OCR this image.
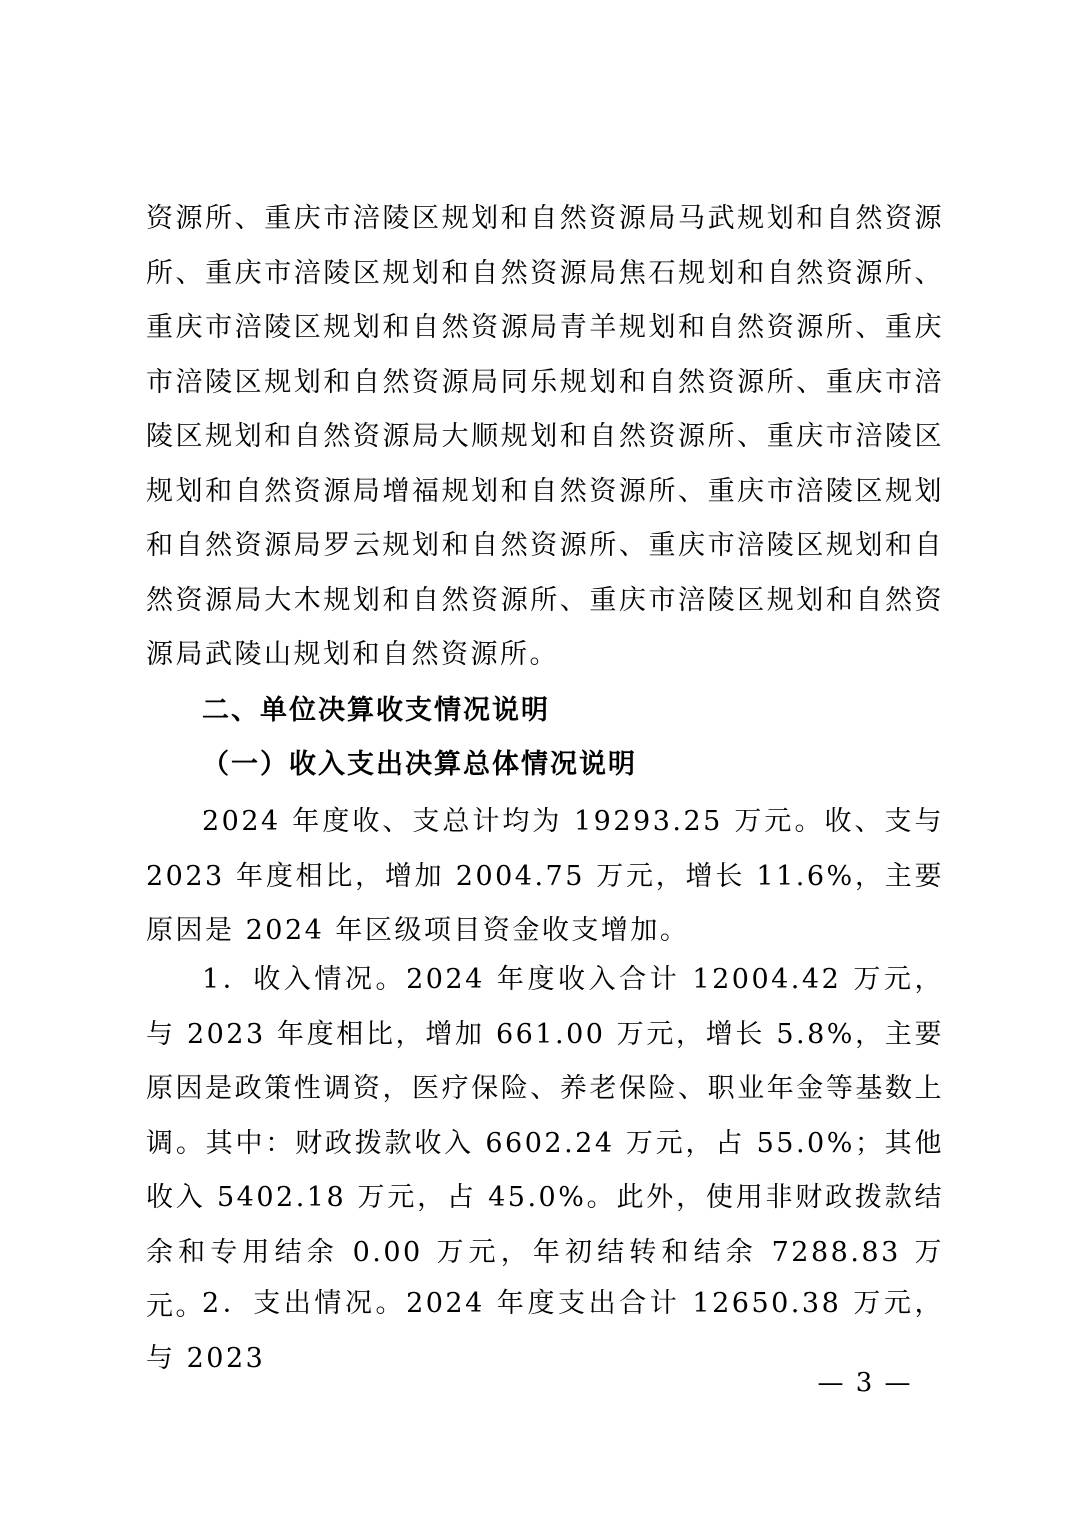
资源所、重庆市涪陵区规划和自然资源局马武规划和自然资源所、重庆市涪陵区规划和自然资源局焦石规划和自然资源所、重庆市涪陵区规划和自然资源局青羊规划和自然资源所、重庆市涪陵区规划和自然资源局同乐规划和自然资源所、重庆市涪陵区规划和自然资源局大顺规划和自然资源所、重庆市涪陵区规划和自然资源局增福规划和自然资源所、重庆市涪陵区规划和自然资源局罗云规划和自然资源所、重庆市涪陵区规划和自然资源局大木规划和自然资源所、重庆市涪陵区规划和自然资源局武陵山规划和自然资源所。

二、单位决算收支情况说明
（一）收入支出决算总体情况说明

2024 年度收、支总计均为 19293.25 万元。收、支与 2023 年度相比，增加 2004.75 万元，增长 11.6%，主要原因是 2024 年区级项目资金收支增加。

1．收入情况。2024 年度收入合计 12004.42 万元，与 2023 年度相比，增加 661.00 万元，增长 5.8%，主要原因是政策性调资，医疗保险、养老保险、职业年金等基数上调。其中：财政拨款收入 6602.24 万元，占 55.0%；其他收入 5402.18 万元，占 45.0%。此外，使用非财政拨款结余和专用结余 0.00 万元，年初结转和结余 7288.83 万元。

2．支出情况。2024 年度支出合计 12650.38 万元，与 2023

— 3 —
